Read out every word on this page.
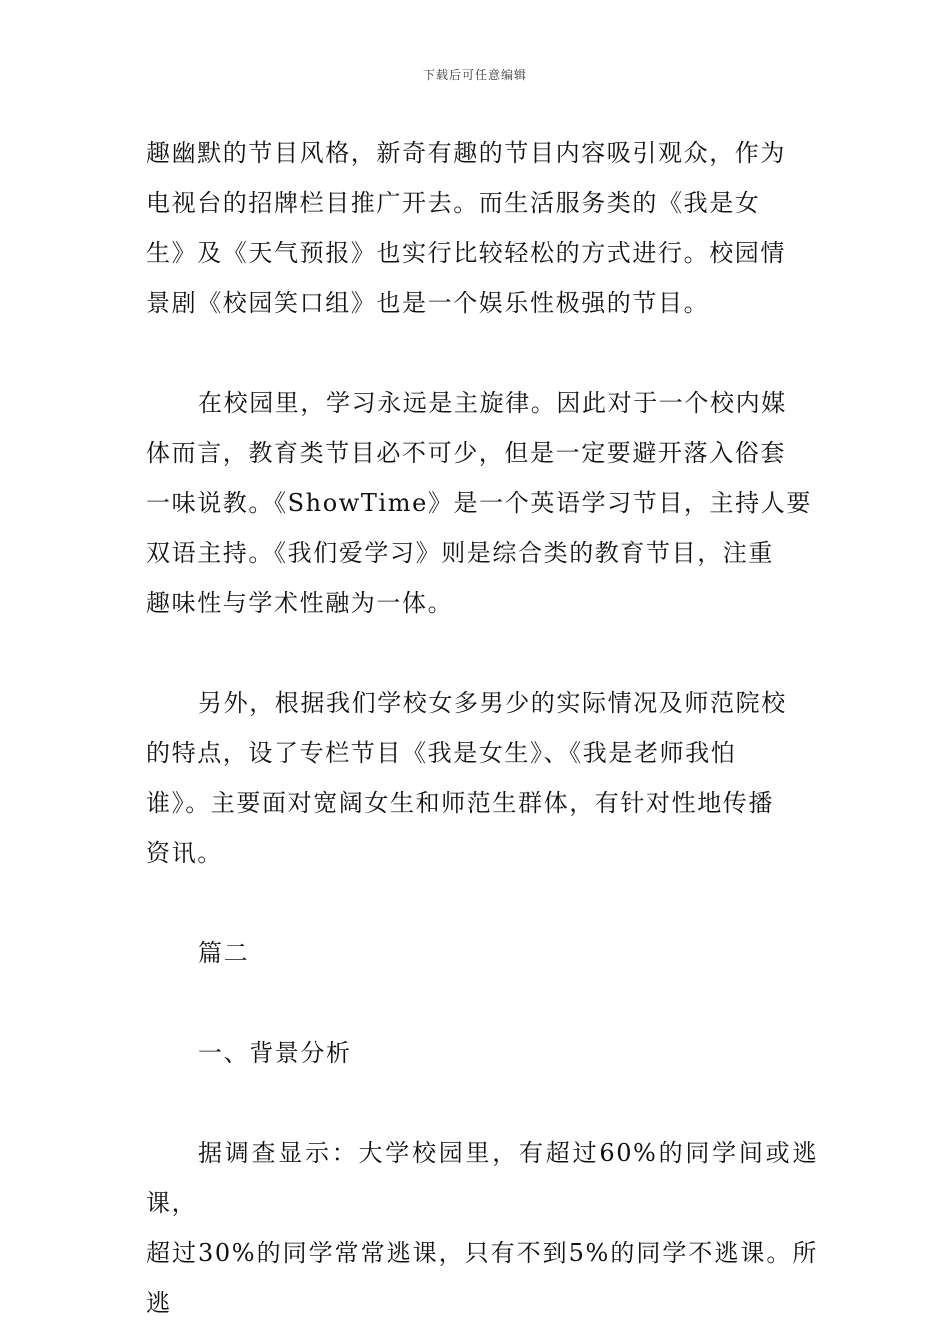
下载后可任意编辑

趣幽默的节目风格，新奇有趣的节目内容吸引观众，作为
电视台的招牌栏目推广开去。而生活服务类的《我是女
生》及《天气预报》也实行比较轻松的方式进行。校园情
景剧《校园笑口组》也是一个娱乐性极强的节目。

在校园里，学习永远是主旋律。因此对于一个校内媒
体而言，教育类节目必不可少，但是一定要避开落入俗套
一味说教。《ShowTime》是一个英语学习节目，主持人要
双语主持。《我们爱学习》则是综合类的教育节目，注重
趣味性与学术性融为一体。

另外，根据我们学校女多男少的实际情况及师范院校
的特点，设了专栏节目《我是女生》、《我是老师我怕
谁》。主要面对宽阔女生和师范生群体，有针对性地传播
资讯。

篇二

一、背景分析

据调查显示：大学校园里，有超过60%的同学间或逃课，
超过30%的同学常常逃课，只有不到5%的同学不逃课。所逃
